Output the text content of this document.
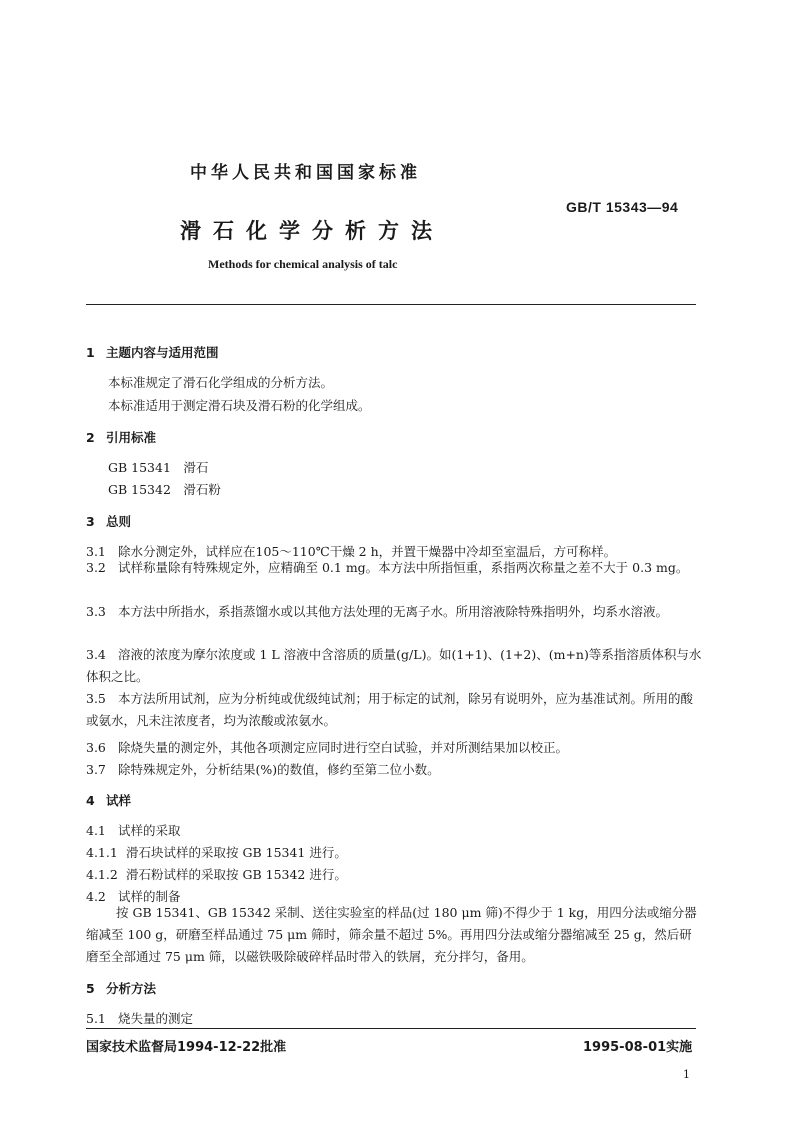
中华人民共和国国家标准
GB/T 15343—94
滑石化学分析方法
Methods for chemical analysis of talc
1 主题内容与适用范围
本标准规定了滑石化学组成的分析方法。
本标准适用于测定滑石块及滑石粉的化学组成。
2 引用标准
GB 15341　滑石
GB 15342　滑石粉
3 总则
3.1 除水分测定外，试样应在105～110℃干燥 2 h，并置干燥器中冷却至室温后，方可称样。
3.2 试样称量除有特殊规定外，应精确至 0.1 mg。本方法中所指恒重，系指两次称量之差不大于 0.3 mg。
3.3 本方法中所指水，系指蒸馏水或以其他方法处理的无离子水。所用溶液除特殊指明外，均系水溶液。
3.4 溶液的浓度为摩尔浓度或 1 L 溶液中含溶质的质量(g/L)。如(1+1)、(1+2)、(m+n)等系指溶质体积与水体积之比。
3.5 本方法所用试剂，应为分析纯或优级纯试剂；用于标定的试剂，除另有说明外，应为基准试剂。所用的酸或氨水，凡未注浓度者，均为浓酸或浓氨水。
3.6 除烧失量的测定外，其他各项测定应同时进行空白试验，并对所测结果加以校正。
3.7 除特殊规定外，分析结果(%)的数值，修约至第二位小数。
4 试样
4.1 试样的采取
4.1.1 滑石块试样的采取按 GB 15341 进行。
4.1.2 滑石粉试样的采取按 GB 15342 进行。
4.2 试样的制备
按 GB 15341、GB 15342 采制、送往实验室的样品(过 180 μm 筛)不得少于 1 kg，用四分法或缩分器缩减至 100 g，研磨至样品通过 75 μm 筛时，筛余量不超过 5%。再用四分法或缩分器缩减至 25 g，然后研磨至全部通过 75 μm 筛，以磁铁吸除破碎样品时带入的铁屑，充分拌匀，备用。
5 分析方法
5.1 烧失量的测定
国家技术监督局1994-12-22批准	1995-08-01实施
1
